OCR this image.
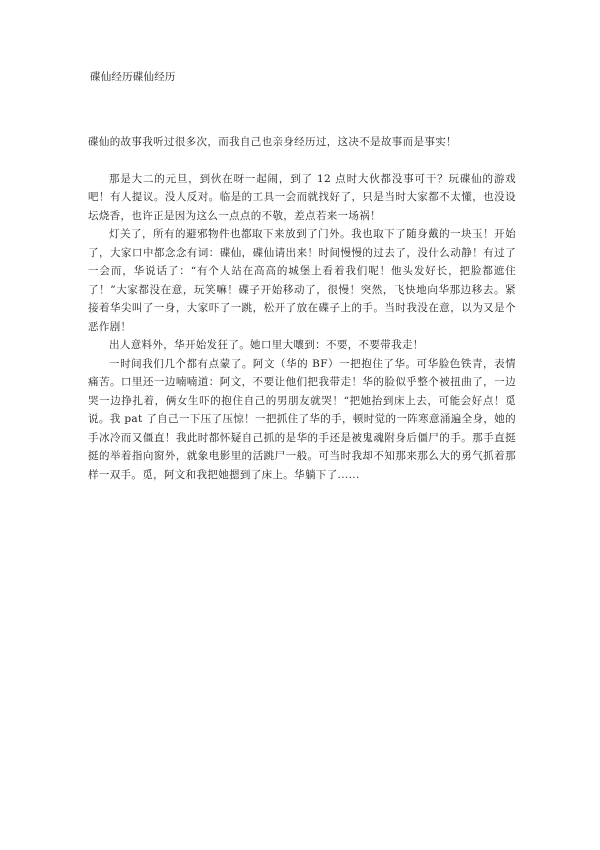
碟仙经历碟仙经历

碟仙的故事我听过很多次，而我自己也亲身经历过，这决不是故事而是事实！

那是大二的元旦，到伙在呀一起闹，到了 12 点时大伙都没事可干？玩碟仙的游戏吧！有人提议。没人反对。临是的工具一会而就找好了，只是当时大家都不太懂，也没设坛烧香，也许正是因为这么一点点的不敬，差点若来一场祸！

灯关了，所有的避邪物件也都取下来放到了门外。我也取下了随身戴的一块玉！开始了，大家口中都念念有词：碟仙，碟仙请出来！时间慢慢的过去了，没什么动静！有过了一会而，华说话了：“有个人站在高高的城堡上看着我们呢！他头发好长，把脸都遮住了！”大家都没在意，玩笑嘛！碟子开始移动了，很慢！突然，飞快地向华那边移去。紧接着华尖叫了一身，大家吓了一跳，松开了放在碟子上的手。当时我没在意，以为又是个恶作剧！

出人意料外，华开始发狂了。她口里大嚷到：不要，不要带我走！

一时间我们几个都有点蒙了。阿文（华的 BF）一把抱住了华。可华脸色铁青，表情痛苦。口里还一边喃喃道：阿文，不要让他们把我带走！华的脸似乎整个被扭曲了，一边哭一边挣扎着，俩女生吓的抱住自己的男朋友就哭！“把她抬到床上去，可能会好点！觅说。我 pat 了自己一下压了压惊！一把抓住了华的手，顿时觉的一阵寒意涌遍全身，她的手冰冷而又僵直！我此时都怀疑自己抓的是华的手还是被鬼魂附身后僵尸的手。那手直挺挺的举着指向窗外，就象电影里的活跳尸一般。可当时我却不知那来那么大的勇气抓着那样一双手。觅，阿文和我把她摁到了床上。华躺下了......
